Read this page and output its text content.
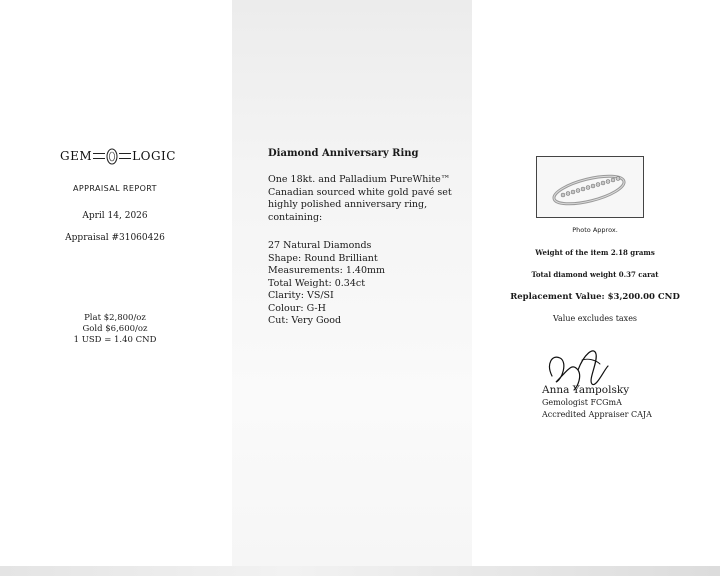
GEM	LOGIC
APPRAISAL REPORT
April 14, 2026
Appraisal #31060426
Plat $2,800/oz
Gold $6,600/oz
1 USD = 1.40 CND
Diamond Anniversary Ring
One 18kt. and Palladium PureWhite™ Canadian sourced white gold pavé set highly polished anniversary ring, containing:
27 Natural Diamonds
Shape: Round Brilliant
Measurements: 1.40mm
Total Weight: 0.34ct
Clarity: VS/SI
Colour: G-H
Cut: Very Good
Photo Approx.
Weight of the item 2.18 grams
Total diamond weight 0.37 carat
Replacement Value: $3,200.00 CND
Value excludes taxes
Anna Yampolsky
Gemologist FCGmA
Accredited Appraiser CAJA
